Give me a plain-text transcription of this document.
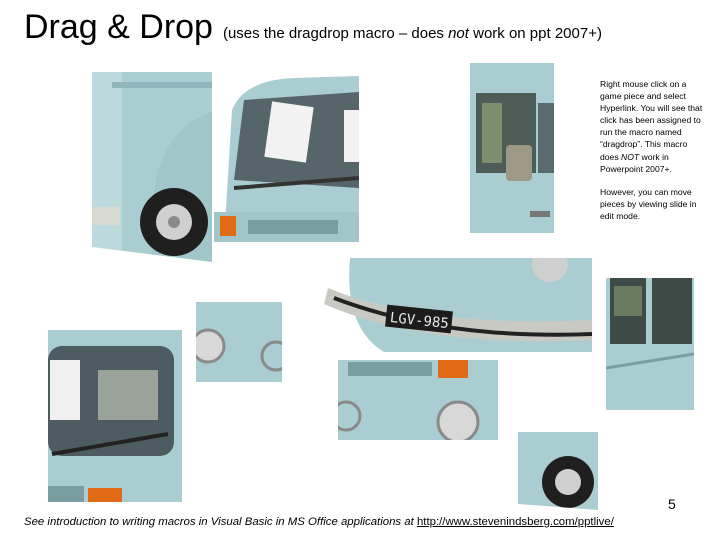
Drag & Drop (uses the dragdrop macro – does not work on ppt 2007+)
LGV-985

Right mouse click on a game piece and select Hyperlink. You will see that click has been assigned to run the macro named “dragdrop”. This macro does NOT work in Powerpoint 2007+.

However, you can move pieces by viewing slide in edit mode.

5
See introduction to writing macros in Visual Basic in MS Office applications at http://www.stevenindsberg.com/pptlive/
